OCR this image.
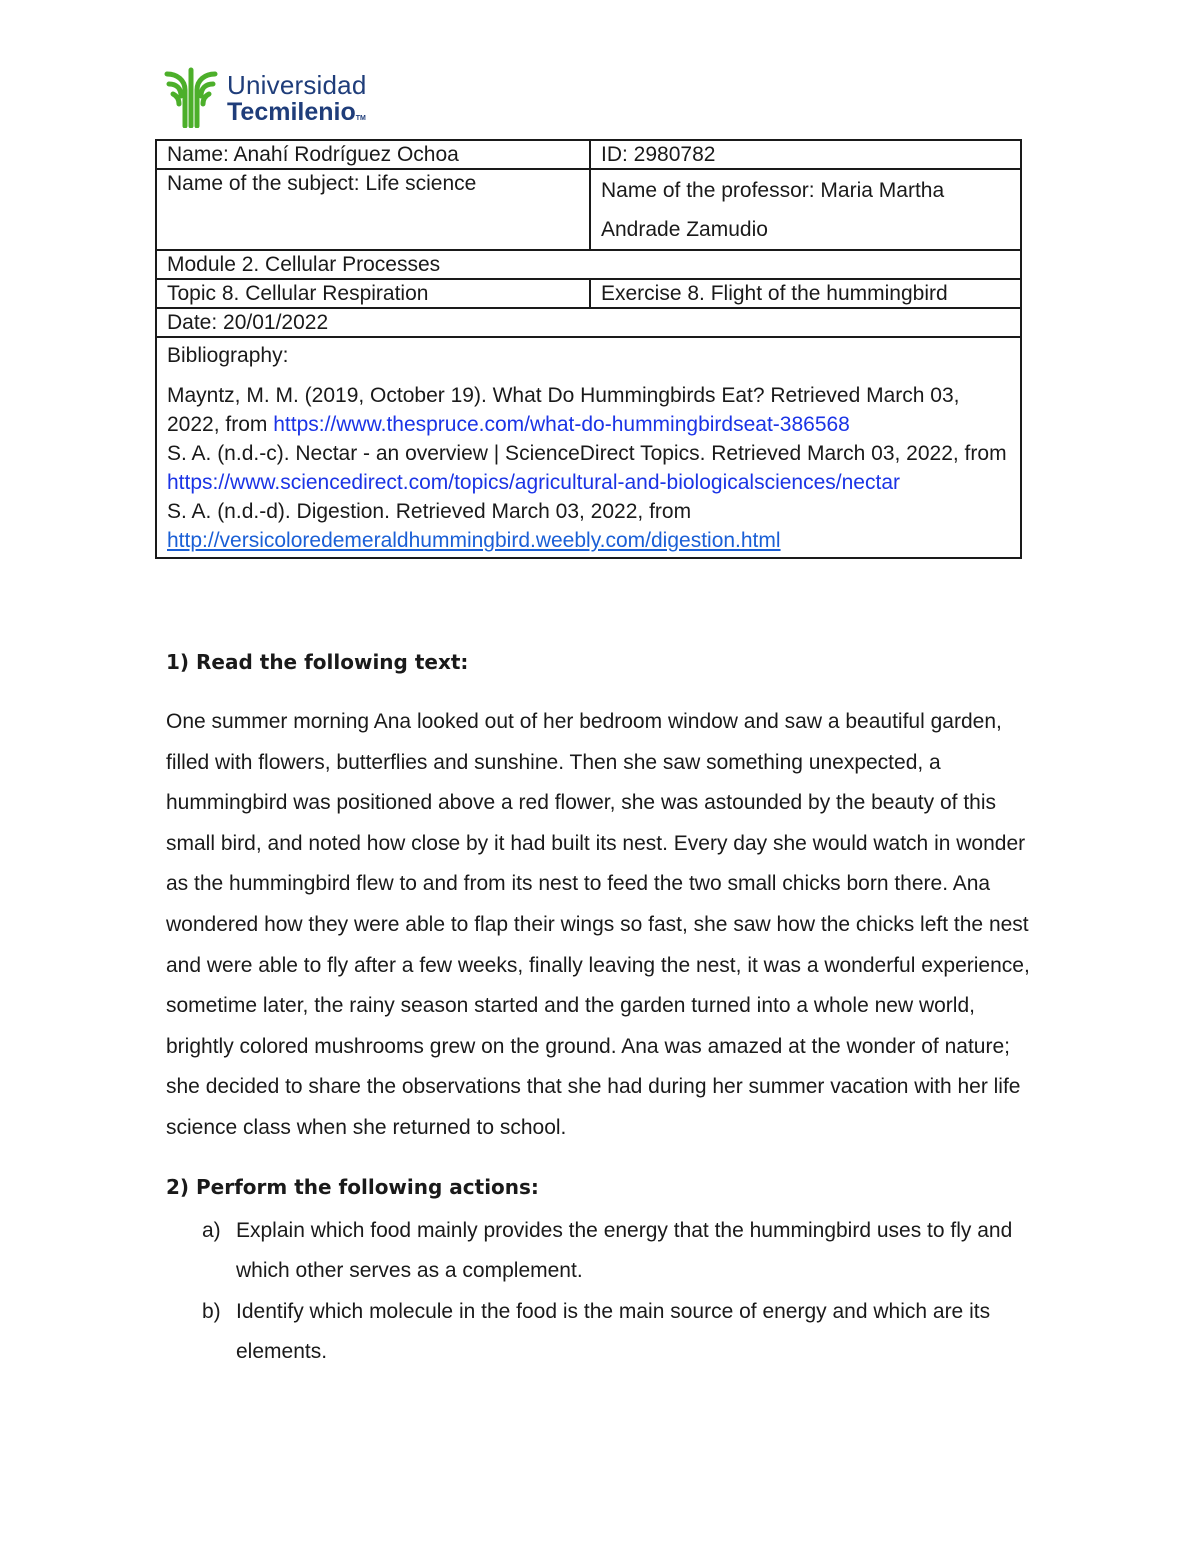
Universidad
TecmilenioTM
Name: Anahí Rodríguez Ochoa	ID: 2980782
Name of the subject: Life science	Name of the professor: Maria Martha Andrade Zamudio
Module 2. Cellular Processes	
Topic 8. Cellular Respiration	Exercise 8. Flight of the hummingbird
Date: 20/01/2022	

Bibliography:
Mayntz, M. M. (2019, October 19). What Do Hummingbirds Eat? Retrieved March 03, 2022, from https://www.thespruce.com/what-do-hummingbirdseat-386568
S. A. (n.d.-c). Nectar - an overview | ScienceDirect Topics. Retrieved March 03, 2022, from https://www.sciencedirect.com/topics/agricultural-and-biologicalsciences/nectar
S. A. (n.d.-d). Digestion. Retrieved March 03, 2022, from http://versicoloredemeraldhummingbird.weebly.com/digestion.html	
1) Read the following text:
One summer morning Ana looked out of her bedroom window and saw a beautiful garden, filled with flowers, butterflies and sunshine. Then she saw something unexpected, a hummingbird was positioned above a red flower, she was astounded by the beauty of this small bird, and noted how close by it had built its nest. Every day she would watch in wonder as the hummingbird flew to and from its nest to feed the two small chicks born there. Ana wondered how they were able to flap their wings so fast, she saw how the chicks left the nest and were able to fly after a few weeks, finally leaving the nest, it was a wonderful experience, sometime later, the rainy season started and the garden turned into a whole new world, brightly colored mushrooms grew on the ground. Ana was amazed at the wonder of nature; she decided to share the observations that she had during her summer vacation with her life science class when she returned to school.
2) Perform the following actions:
a) Explain which food mainly provides the energy that the hummingbird uses to fly and which other serves as a complement.
b) Identify which molecule in the food is the main source of energy and which are its elements.
